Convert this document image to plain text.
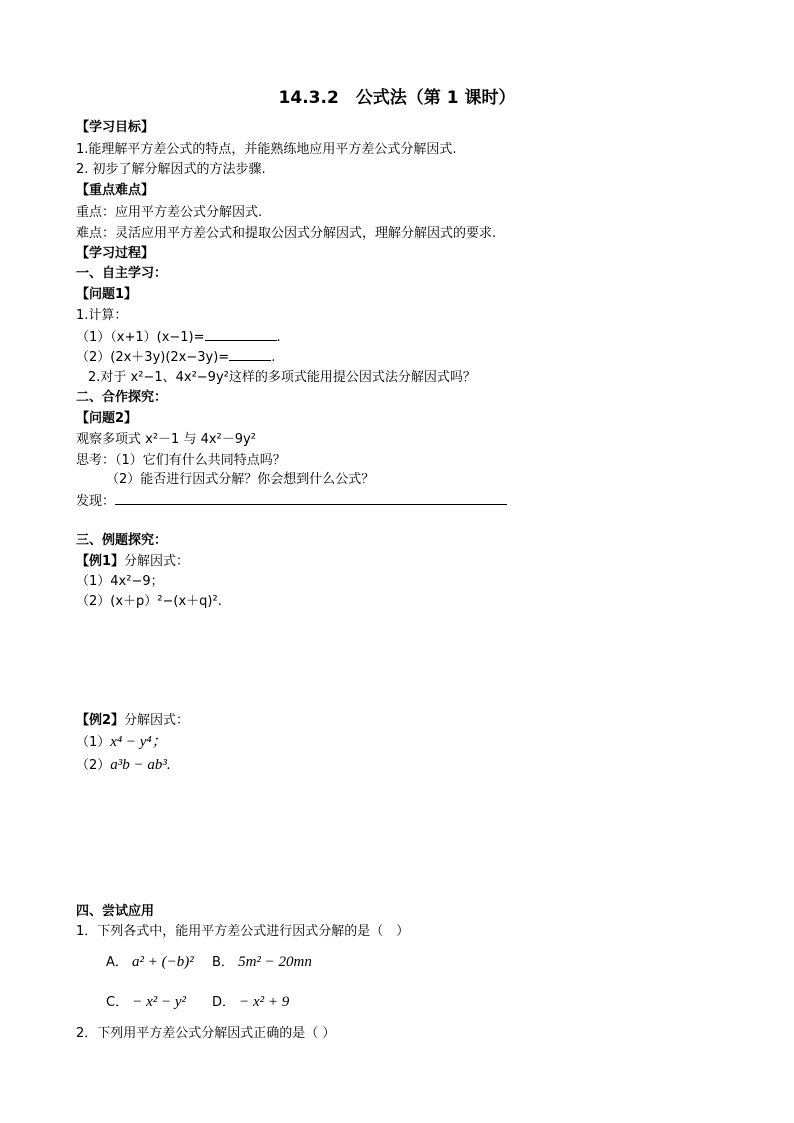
14.3.2　公式法（第 1 课时）
【学习目标】
1.能理解平方差公式的特点，并能熟练地应用平方差公式分解因式.
2. 初步了解分解因式的方法步骤.
【重点难点】
重点：应用平方差公式分解因式.
难点：灵活应用平方差公式和提取公因式分解因式，理解分解因式的要求.
【学习过程】
一、自主学习：
【问题1】
1.计算：
（1）（x+1）(x−1)=	.
（2）(2x＋3y)(2x−3y)=	.
2.对于 x²−1、4x²−9y²这样的多项式能用提公因式法分解因式吗？
二、合作探究：
【问题2】
观察多项式 x²－1 与 4x²－9y²
思考：（1）它们有什么共同特点吗？
（2）能否进行因式分解？你会想到什么公式？
发现：
三、例题探究：
【例1】分解因式：
（1）4x²−9；
（2）(x＋p）²−(x＋q)².
【例2】分解因式：
（1）x⁴ − y⁴；
（2）a³b − ab³.
四、尝试应用
1．下列各式中，能用平方差公式进行因式分解的是（　）
A． a² + (−b)² B． 5m² − 20mn
C． − x² − y² D． − x² + 9
2．下列用平方差公式分解因式正确的是（ ）
